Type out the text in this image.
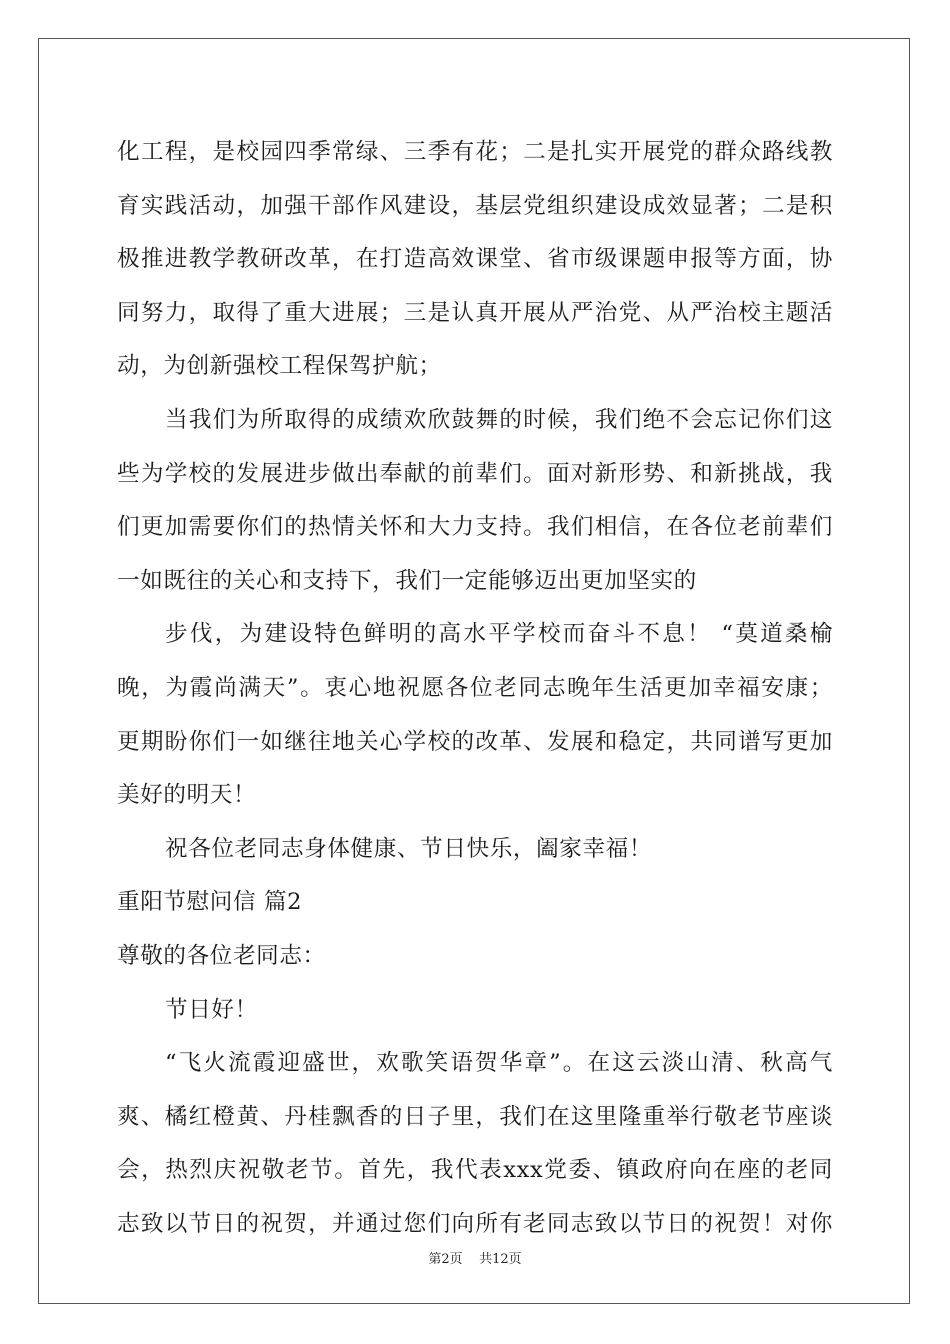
化工程，是校园四季常绿、三季有花；二是扎实开展党的群众路线教
育实践活动，加强干部作风建设，基层党组织建设成效显著；二是积
极推进教学教研改革，在打造高效课堂、省市级课题申报等方面，协
同努力，取得了重大进展；三是认真开展从严治党、从严治校主题活
动，为创新强校工程保驾护航；
当我们为所取得的成绩欢欣鼓舞的时候，我们绝不会忘记你们这
些为学校的发展进步做出奉献的前辈们。面对新形势、和新挑战，我
们更加需要你们的热情关怀和大力支持。我们相信，在各位老前辈们
一如既往的关心和支持下，我们一定能够迈出更加坚实的
步伐，为建设特色鲜明的高水平学校而奋斗不息！ “莫道桑榆
晚，为霞尚满天”。衷心地祝愿各位老同志晚年生活更加幸福安康；
更期盼你们一如继往地关心学校的改革、发展和稳定，共同谱写更加
美好的明天！
祝各位老同志身体健康、节日快乐，阖家幸福！
重阳节慰问信 篇2
尊敬的各位老同志：
节日好！
“飞火流霞迎盛世，欢歌笑语贺华章”。在这云淡山清、秋高气
爽、橘红橙黄、丹桂飘香的日子里，我们在这里隆重举行敬老节座谈
会，热烈庆祝敬老节。首先，我代表xxx党委、镇政府向在座的老同
志致以节日的祝贺，并通过您们向所有老同志致以节日的祝贺！对你
第2页    共12页
